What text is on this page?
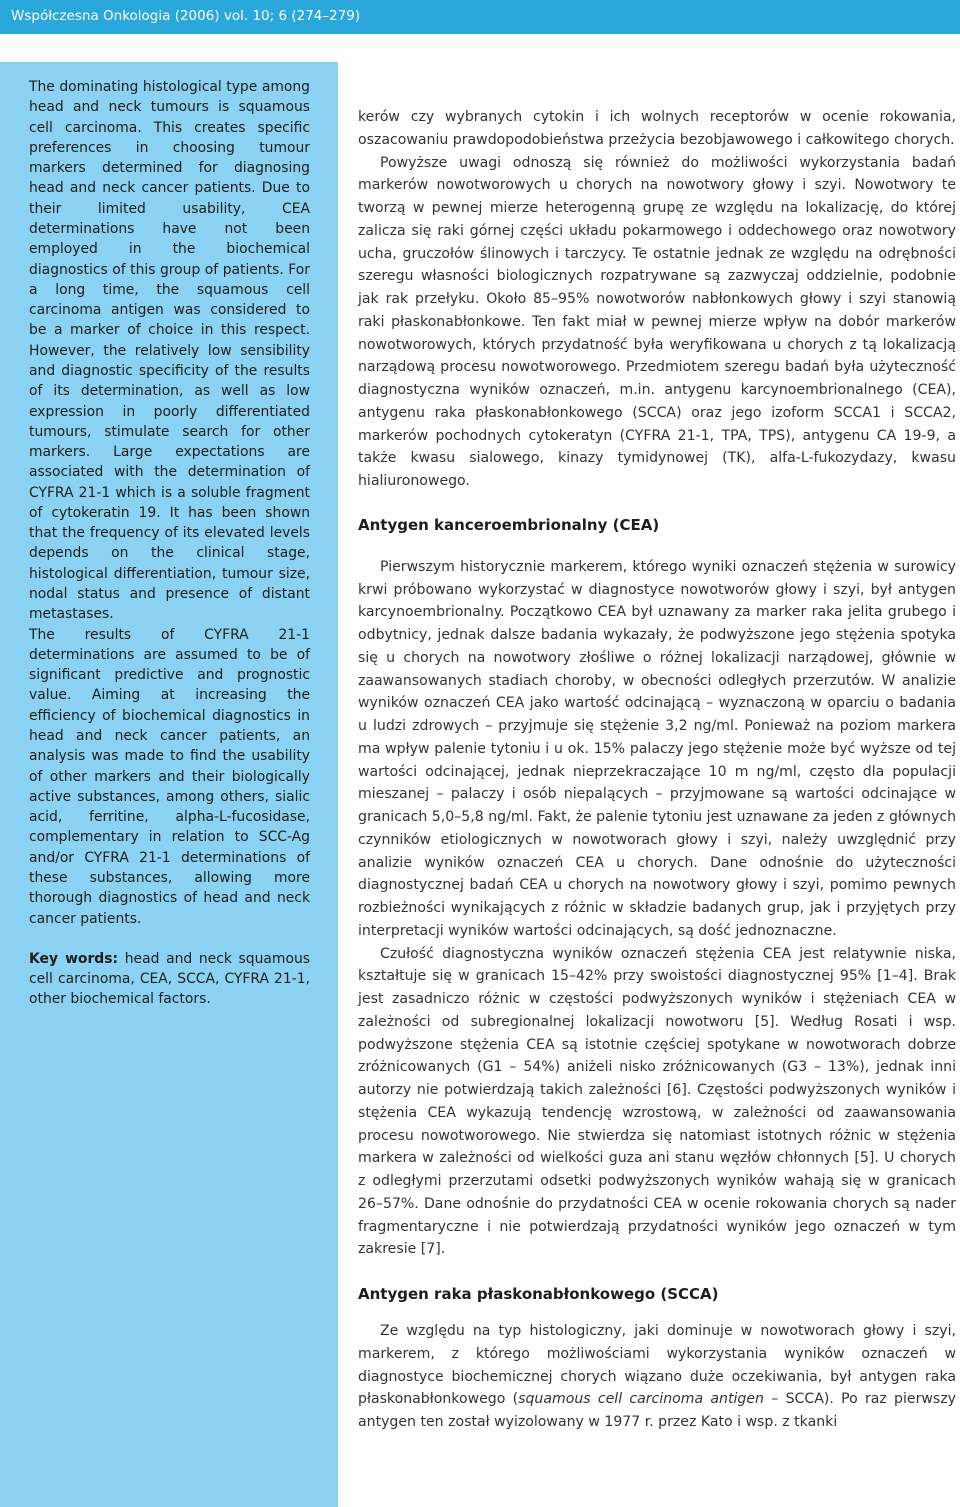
Współczesna Onkologia (2006) vol. 10; 6 (274–279)

The dominating histological type among head and neck tumours is squamous cell carcinoma. This creates specific preferences in choosing tumour markers determined for diagnosing head and neck cancer patients. Due to their limited usability, CEA determinations have not been employed in the biochemical diagnostics of this group of patients. For a long time, the squamous cell carcinoma antigen was considered to be a marker of choice in this respect. However, the relatively low sensibility and diagnostic specificity of the results of its determination, as well as low expression in poorly differentiated tumours, stimulate search for other markers. Large expectations are associated with the determination of CYFRA 21-1 which is a soluble fragment of cytokeratin 19. It has been shown that the frequency of its elevated levels depends on the clinical stage, histological differentiation, tumour size, nodal status and presence of distant metastases.

The results of CYFRA 21-1 determinations are assumed to be of significant predictive and prognostic value. Aiming at increasing the efficiency of biochemical diagnostics in head and neck cancer patients, an analysis was made to find the usability of other markers and their biologically active substances, among others, sialic acid, ferritine, alpha-L-fucosidase, complementary in relation to SCC-Ag and/or CYFRA 21-1 determinations of these substances, allowing more thorough diagnostics of head and neck cancer patients.

Key words: head and neck squamous cell carcinoma, CEA, SCCA, CYFRA 21-1, other biochemical factors.

kerów czy wybranych cytokin i ich wolnych receptorów w ocenie rokowania, oszacowaniu prawdopodobieństwa przeżycia bezobjawowego i całkowitego chorych.

Powyższe uwagi odnoszą się również do możliwości wykorzystania badań markerów nowotworowych u chorych na nowotwory głowy i szyi. Nowotwory te tworzą w pewnej mierze heterogenną grupę ze względu na lokalizację, do której zalicza się raki górnej części układu pokarmowego i oddechowego oraz nowotwory ucha, gruczołów ślinowych i tarczycy. Te ostatnie jednak ze względu na odrębności szeregu własności biologicznych rozpatrywane są zazwyczaj oddzielnie, podobnie jak rak przełyku. Około 85–95% nowotworów nabłonkowych głowy i szyi stanowią raki płaskonabłonkowe. Ten fakt miał w pewnej mierze wpływ na dobór markerów nowotworowych, których przydatność była weryfikowana u chorych z tą lokalizacją narządową procesu nowotworowego. Przedmiotem szeregu badań była użyteczność diagnostyczna wyników oznaczeń, m.in. antygenu karcynoembrionalnego (CEA), antygenu raka płaskonabłonkowego (SCCA) oraz jego izoform SCCA1 i SCCA2, markerów pochodnych cytokeratyn (CYFRA 21-1, TPA, TPS), antygenu CA 19-9, a także kwasu sialowego, kinazy tymidynowej (TK), alfa-L-fukozydazy, kwasu hialiuronowego.

Antygen kanceroembrionalny (CEA)

Pierwszym historycznie markerem, którego wyniki oznaczeń stężenia w surowicy krwi próbowano wykorzystać w diagnostyce nowotworów głowy i szyi, był antygen karcynoembrionalny. Początkowo CEA był uznawany za marker raka jelita grubego i odbytnicy, jednak dalsze badania wykazały, że podwyższone jego stężenia spotyka się u chorych na nowotwory złośliwe o różnej lokalizacji narządowej, głównie w zaawansowanych stadiach choroby, w obecności odległych przerzutów. W analizie wyników oznaczeń CEA jako wartość odcinającą – wyznaczoną w oparciu o badania u ludzi zdrowych – przyjmuje się stężenie 3,2 ng/ml. Ponieważ na poziom markera ma wpływ palenie tytoniu i u ok. 15% palaczy jego stężenie może być wyższe od tej wartości odcinającej, jednak nieprzekraczające 10 m ng/ml, często dla populacji mieszanej – palaczy i osób niepalących – przyjmowane są wartości odcinające w granicach 5,0–5,8 ng/ml. Fakt, że palenie tytoniu jest uznawane za jeden z głównych czynników etiologicznych w nowotworach głowy i szyi, należy uwzględnić przy analizie wyników oznaczeń CEA u chorych. Dane odnośnie do użyteczności diagnostycznej badań CEA u chorych na nowotwory głowy i szyi, pomimo pewnych rozbieżności wynikających z różnic w składzie badanych grup, jak i przyjętych przy interpretacji wyników wartości odcinających, są dość jednoznaczne.

Czułość diagnostyczna wyników oznaczeń stężenia CEA jest relatywnie niska, kształtuje się w granicach 15–42% przy swoistości diagnostycznej 95% [1–4]. Brak jest zasadniczo różnic w częstości podwyższonych wyników i stężeniach CEA w zależności od subregionalnej lokalizacji nowotworu [5]. Według Rosati i wsp. podwyższone stężenia CEA są istotnie częściej spotykane w nowotworach dobrze zróżnicowanych (G1 – 54%) aniżeli nisko zróżnicowanych (G3 – 13%), jednak inni autorzy nie potwierdzają takich zależności [6]. Częstości podwyższonych wyników i stężenia CEA wykazują tendencję wzrostową, w zależności od zaawansowania procesu nowotworowego. Nie stwierdza się natomiast istotnych różnic w stężenia markera w zależności od wielkości guza ani stanu węzłów chłonnych [5]. U chorych z odległymi przerzutami odsetki podwyższonych wyników wahają się w granicach 26–57%. Dane odnośnie do przydatności CEA w ocenie rokowania chorych są nader fragmentaryczne i nie potwierdzają przydatności wyników jego oznaczeń w tym zakresie [7].

Antygen raka płaskonabłonkowego (SCCA)

Ze względu na typ histologiczny, jaki dominuje w nowotworach głowy i szyi, markerem, z którego możliwościami wykorzystania wyników oznaczeń w diagnostyce biochemicznej chorych wiązano duże oczekiwania, był antygen raka płaskonabłonkowego (squamous cell carcinoma antigen – SCCA). Po raz pierwszy antygen ten został wyizolowany w 1977 r. przez Kato i wsp. z tkanki
